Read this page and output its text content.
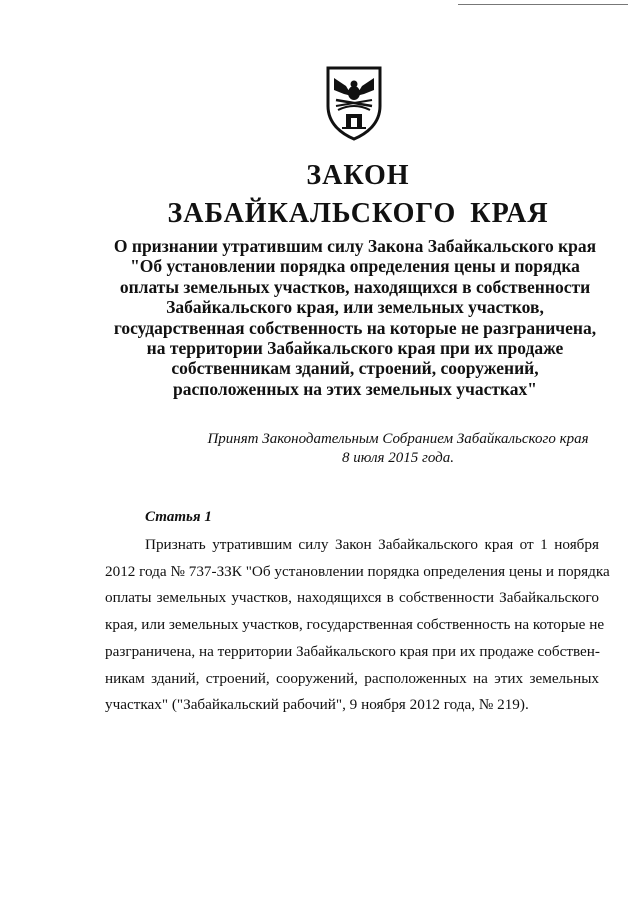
ЗАКОН
ЗАБАЙКАЛЬСКОГО КРАЯ
О признании утратившим силу Закона Забайкальского края
"Об установлении порядка определения цены и порядка
оплаты земельных участков, находящихся в собственности
Забайкальского края, или земельных участков,
государственная собственность на которые не разграничена,
на территории Забайкальского края при их продаже
собственникам зданий, строений, сооружений,
расположенных на этих земельных участках"
Принят Законодательным Собранием Забайкальского края
8 июля 2015 года.
Статья 1

Признать утратившим силу Закон Забайкальского края от 1 ноября
2012 года № 737-ЗЗК "Об установлении порядка определения цены и порядка
оплаты земельных участков, находящихся в собственности Забайкальского
края, или земельных участков, государственная собственность на которые не
разграничена, на территории Забайкальского края при их продаже собствен-
никам зданий, строений, сооружений, расположенных на этих земельных
участках" ("Забайкальский рабочий", 9 ноября 2012 года, № 219).
